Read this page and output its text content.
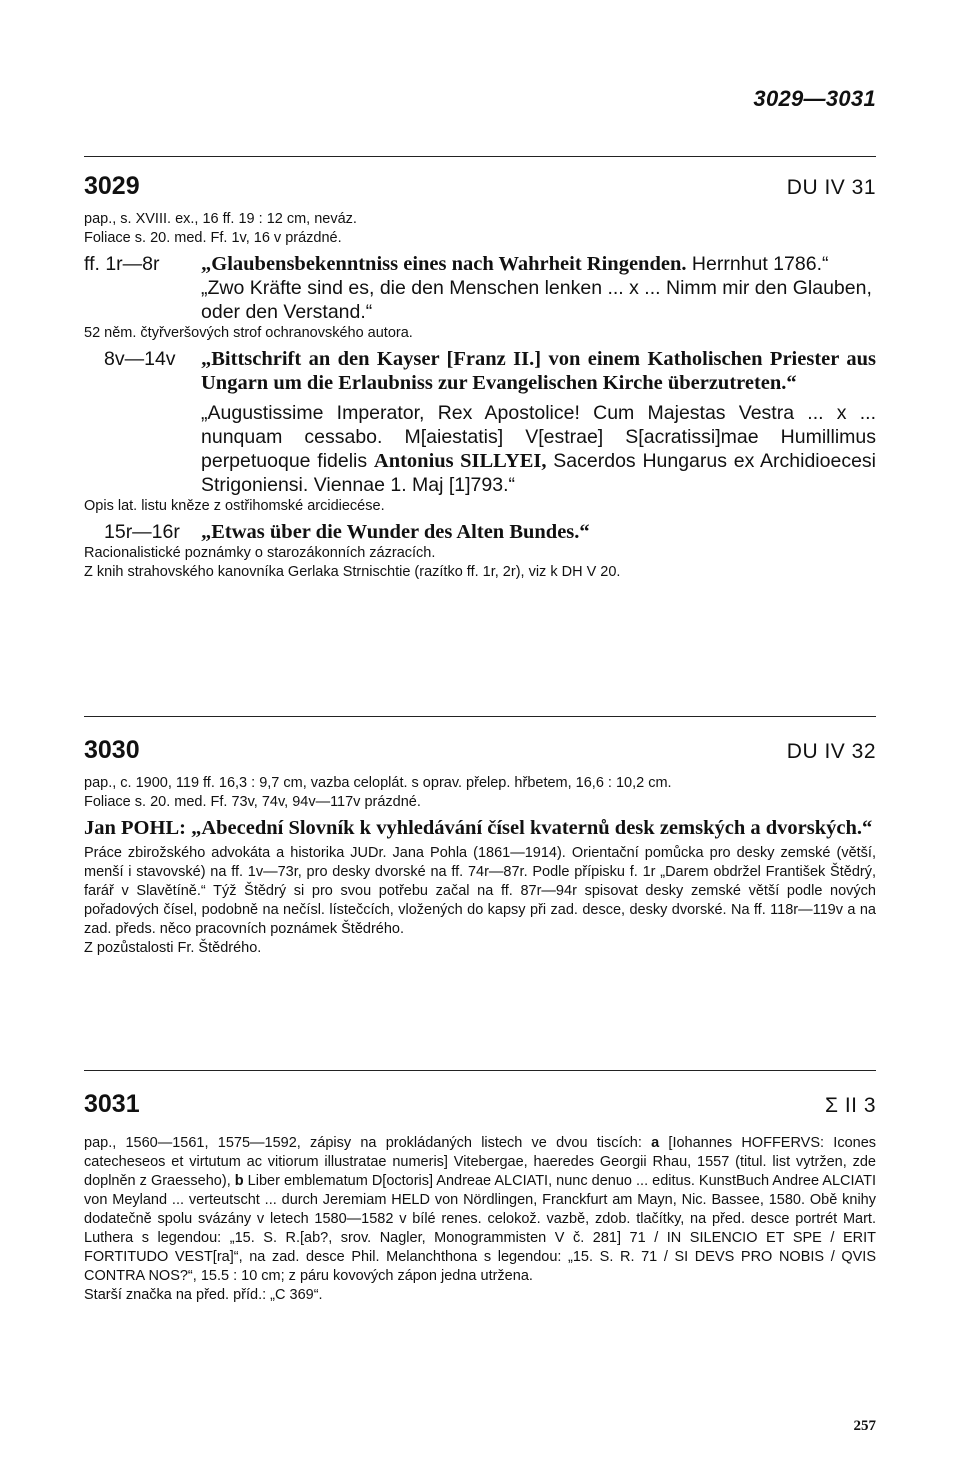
3029—3031
3029	DU IV 31

pap., s. XVIII. ex., 16 ff. 19 : 12 cm, neváz.

Foliace s. 20. med. Ff. 1v, 16 v prázdné.

ff. 1r—8r	„Glaubensbekenntniss eines nach Wahrheit Ringenden. Herrnhut 1786.“

„Zwo Kräfte sind es, die den Menschen lenken ... x ... Nimm mir den Glauben, oder den Verstand.“

52 něm. čtyřveršových strof ochranovského autora.

8v—14v	„Bittschrift an den Kayser [Franz II.] von einem Katholischen Priester aus Ungarn um die Erlaubniss zur Evangelischen Kirche überzutreten.“

„Augustissime Imperator, Rex Apostolice! Cum Majestas Vestra ... x ... nunquam cessabo. M[aiestatis] V[estrae] S[acratissi]mae Humillimus perpetuoque fidelis Antonius SILLYEI, Sacerdos Hungarus ex Archidioecesi Strigoniensi. Viennae 1. Maj [1]793.“

Opis lat. listu kněze z ostřihomské arcidiecése.

15r—16r	„Etwas über die Wunder des Alten Bundes.“

Racionalistické poznámky o starozákonních zázracích.

Z knih strahovského kanovníka Gerlaka Strnischtie (razítko ff. 1r, 2r), viz k DH V 20.

3030	DU IV 32

pap., c. 1900, 119 ff. 16,3 : 9,7 cm, vazba celoplát. s oprav. přelep. hřbetem, 16,6 : 10,2 cm.

Foliace s. 20. med. Ff. 73v, 74v, 94v—117v prázdné.

Jan POHL: „Abecední Slovník k vyhledávání čísel kvaternů desk zemských a dvorských.“

Práce zbirožského advokáta a historika JUDr. Jana Pohla (1861—1914). Orientační pomůcka pro desky zemské (větší, menší i stavovské) na ff. 1v—73r, pro desky dvorské na ff. 74r—87r. Podle přípisku f. 1r „Darem obdržel František Štědrý, farář v Slavětíně.“ Týž Štědrý si pro svou potřebu začal na ff. 87r—94r spisovat desky zemské větší podle nových pořadových čísel, podobně na nečísl. lístečcích, vložených do kapsy při zad. desce, desky dvorské. Na ff. 118r—119v a na zad. předs. něco pracovních poznámek Štědrého.

Z pozůstalosti Fr. Štědrého.

3031	Σ II 3

pap., 1560—1561, 1575—1592, zápisy na prokládaných listech ve dvou tiscích: a [Iohannes HOFFERVS: Icones catecheseos et virtutum ac vitiorum illustratae numeris] Vitebergae, haeredes Georgii Rhau, 1557 (titul. list vytržen, zde doplněn z Graesseho), b Liber emblematum D[octoris] Andreae ALCIATI, nunc denuo ... editus. KunstBuch Andree ALCIATI von Meyland ... verteutscht ... durch Jeremiam HELD von Nördlingen, Franckfurt am Mayn, Nic. Bassee, 1580. Obě knihy dodatečně spolu svázány v letech 1580—1582 v bílé renes. celokož. vazbě, zdob. tlačítky, na před. desce portrét Mart. Luthera s legendou: „15. S. R.[ab?, srov. Nagler, Monogrammisten V č. 281] 71 / IN SILENCIO ET SPE / ERIT FORTITUDO VEST[ra]“, na zad. desce Phil. Melanchthona s legendou: „15. S. R. 71 / SI DEVS PRO NOBIS / QVIS CONTRA NOS?“, 15.5 : 10 cm; z páru kovových zápon jedna utržena.

Starší značka na před. příd.: „C 369“.

257
